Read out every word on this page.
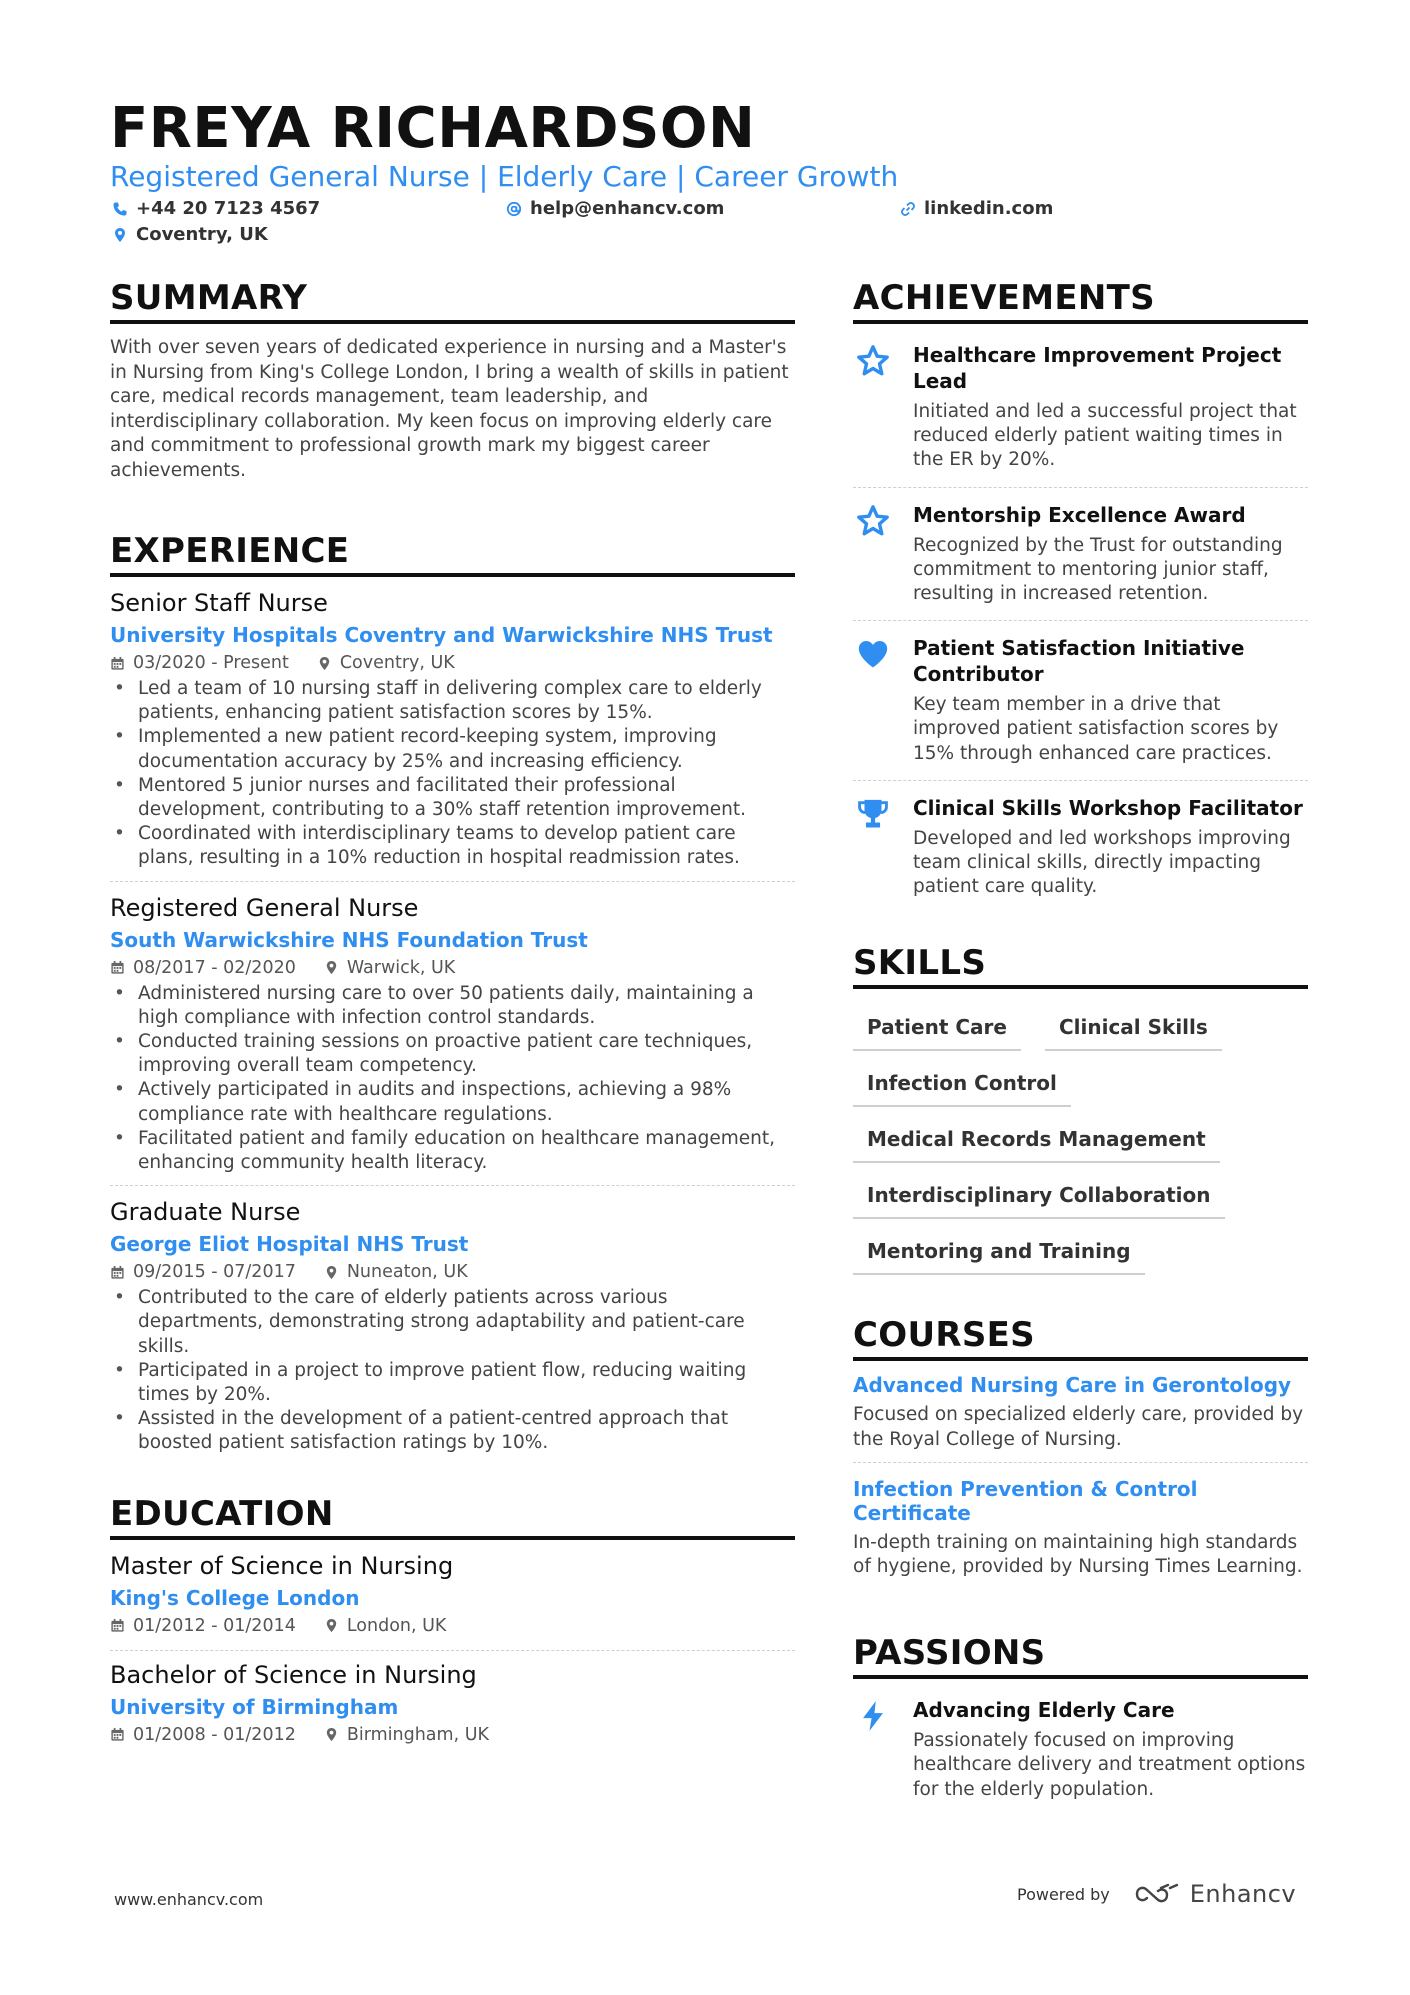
FREYA RICHARDSON
Registered General Nurse | Elderly Care | Career Growth
+44 20 7123 4567	help@enhancv.com	linkedin.com
Coventry, UK
SUMMARY

With over seven years of dedicated experience in nursing and a Master's in Nursing from King's College London, I bring a wealth of skills in patient care, medical records management, team leadership, and interdisciplinary collaboration. My keen focus on improving elderly care and commitment to professional growth mark my biggest career achievements.

EXPERIENCE
Senior Staff Nurse
University Hospitals Coventry and Warwickshire NHS Trust
03/2020 - Present	Coventry, UK
• Led a team of 10 nursing staff in delivering complex care to elderly patients, enhancing patient satisfaction scores by 15%.
• Implemented a new patient record-keeping system, improving documentation accuracy by 25% and increasing efficiency.
• Mentored 5 junior nurses and facilitated their professional development, contributing to a 30% staff retention improvement.
• Coordinated with interdisciplinary teams to develop patient care plans, resulting in a 10% reduction in hospital readmission rates.
Registered General Nurse
South Warwickshire NHS Foundation Trust
08/2017 - 02/2020	Warwick, UK
• Administered nursing care to over 50 patients daily, maintaining a high compliance with infection control standards.
• Conducted training sessions on proactive patient care techniques, improving overall team competency.
• Actively participated in audits and inspections, achieving a 98% compliance rate with healthcare regulations.
• Facilitated patient and family education on healthcare management, enhancing community health literacy.
Graduate Nurse
George Eliot Hospital NHS Trust
09/2015 - 07/2017	Nuneaton, UK
• Contributed to the care of elderly patients across various departments, demonstrating strong adaptability and patient-care skills.
• Participated in a project to improve patient flow, reducing waiting times by 20%.
• Assisted in the development of a patient-centred approach that boosted patient satisfaction ratings by 10%.
EDUCATION
Master of Science in Nursing
King's College London
01/2012 - 01/2014	London, UK
Bachelor of Science in Nursing
University of Birmingham
01/2008 - 01/2012	Birmingham, UK
ACHIEVEMENTS
Healthcare Improvement Project Lead
Initiated and led a successful project that reduced elderly patient waiting times in the ER by 20%.
Mentorship Excellence Award
Recognized by the Trust for outstanding commitment to mentoring junior staff, resulting in increased retention.
Patient Satisfaction Initiative Contributor
Key team member in a drive that improved patient satisfaction scores by 15% through enhanced care practices.
Clinical Skills Workshop Facilitator
Developed and led workshops improving team clinical skills, directly impacting patient care quality.
SKILLS
Patient Care	Clinical Skills
Infection Control
Medical Records Management
Interdisciplinary Collaboration
Mentoring and Training
COURSES
Advanced Nursing Care in Gerontology
Focused on specialized elderly care, provided by the Royal College of Nursing.
Infection Prevention & Control Certificate
In-depth training on maintaining high standards of hygiene, provided by Nursing Times Learning.
PASSIONS
Advancing Elderly Care
Passionately focused on improving healthcare delivery and treatment options for the elderly population.
www.enhancv.com	Powered by	Enhancv
